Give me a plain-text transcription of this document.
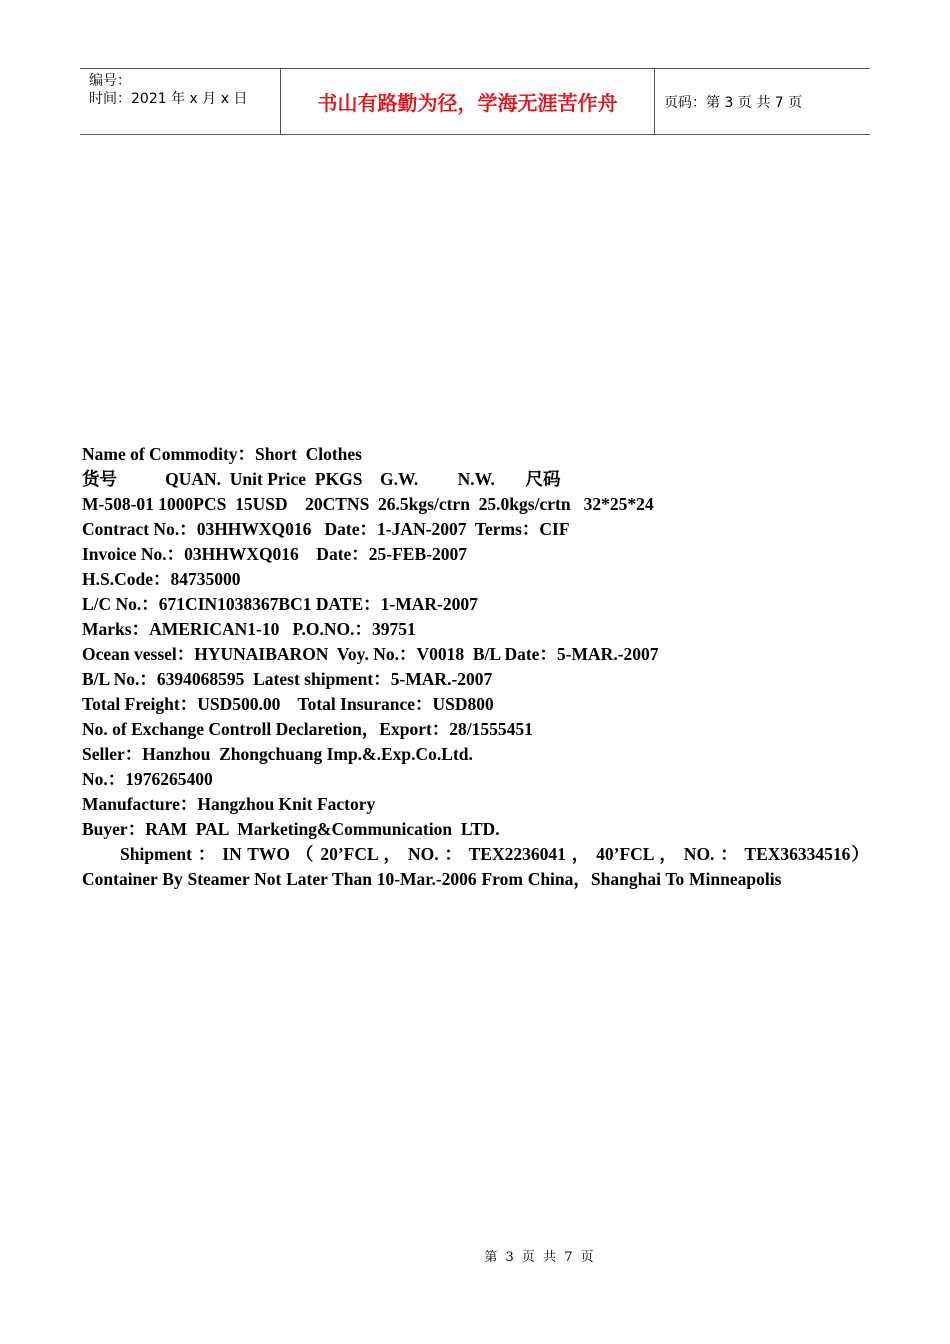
编号：
时间：2021 年 x 月 x 日	书山有路勤为径，学海无涯苦作舟	页码：第 3 页 共 7 页
Name of Commodity：Short  Clothes
货号           QUAN.  Unit Price  PKGS    G.W.         N.W.       尺码
M-508-01 1000PCS  15USD    20CTNS  26.5kgs/ctrn  25.0kgs/crtn   32*25*24
Contract No.：03HHWXQ016   Date：1-JAN-2007  Terms：CIF
Invoice No.：03HHWXQ016    Date：25-FEB-2007
H.S.Code：84735000
L/C No.：671CIN1038367BC1 DATE：1-MAR-2007
Marks：AMERICAN1-10   P.O.NO.：39751
Ocean vessel：HYUNAIBARON  Voy. No.：V0018  B/L Date：5-MAR.-2007
B/L No.：6394068595  Latest shipment：5-MAR.-2007
Total Freight：USD500.00    Total Insurance：USD800
No. of Exchange Controll Declaretion，Export：28/1555451
Seller：Hanzhou  Zhongchuang Imp.&.Exp.Co.Ltd.
No.：1976265400
Manufacture：Hangzhou Knit Factory
Buyer：RAM  PAL  Marketing&Communication  LTD.
Shipment ： IN TWO （ 20’FCL ， NO. ： TEX2236041 ， 40’FCL ， NO. ： TEX36334516）Container By Steamer Not Later Than 10-Mar.-2006 From China，Shanghai To Minneapolis
第 3 页 共 7 页
